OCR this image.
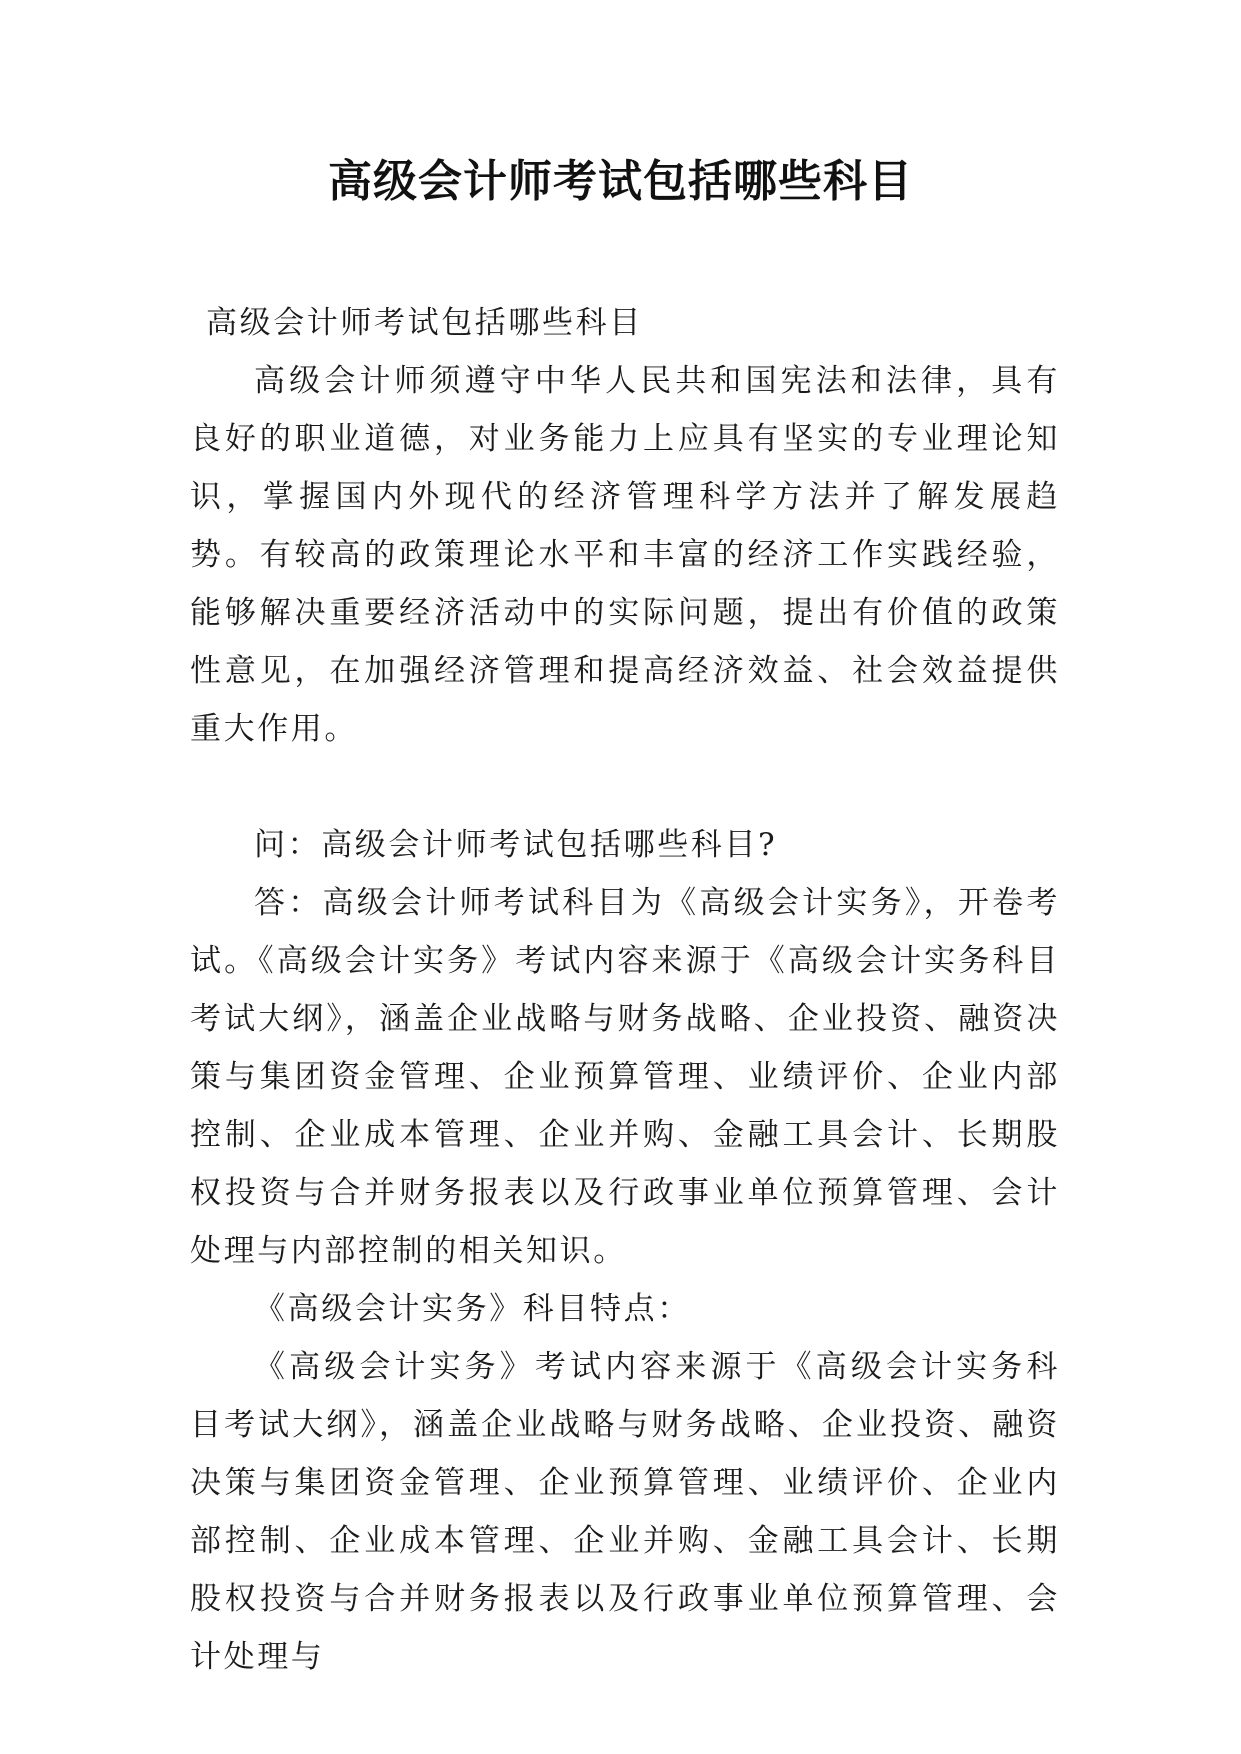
高级会计师考试包括哪些科目

高级会计师考试包括哪些科目

高级会计师须遵守中华人民共和国宪法和法律，具有良好的职业道德，对业务能力上应具有坚实的专业理论知识，掌握国内外现代的经济管理科学方法并了解发展趋势。有较高的政策理论水平和丰富的经济工作实践经验，能够解决重要经济活动中的实际问题，提出有价值的政策性意见，在加强经济管理和提高经济效益、社会效益提供重大作用。

问：高级会计师考试包括哪些科目?

答：高级会计师考试科目为《高级会计实务》，开卷考试。《高级会计实务》考试内容来源于《高级会计实务科目考试大纲》，涵盖企业战略与财务战略、企业投资、融资决策与集团资金管理、企业预算管理、业绩评价、企业内部控制、企业成本管理、企业并购、金融工具会计、长期股权投资与合并财务报表以及行政事业单位预算管理、会计处理与内部控制的相关知识。

《高级会计实务》科目特点：

《高级会计实务》考试内容来源于《高级会计实务科目考试大纲》，涵盖企业战略与财务战略、企业投资、融资决策与集团资金管理、企业预算管理、业绩评价、企业内部控制、企业成本管理、企业并购、金融工具会计、长期股权投资与合并财务报表以及行政事业单位预算管理、会计处理与
